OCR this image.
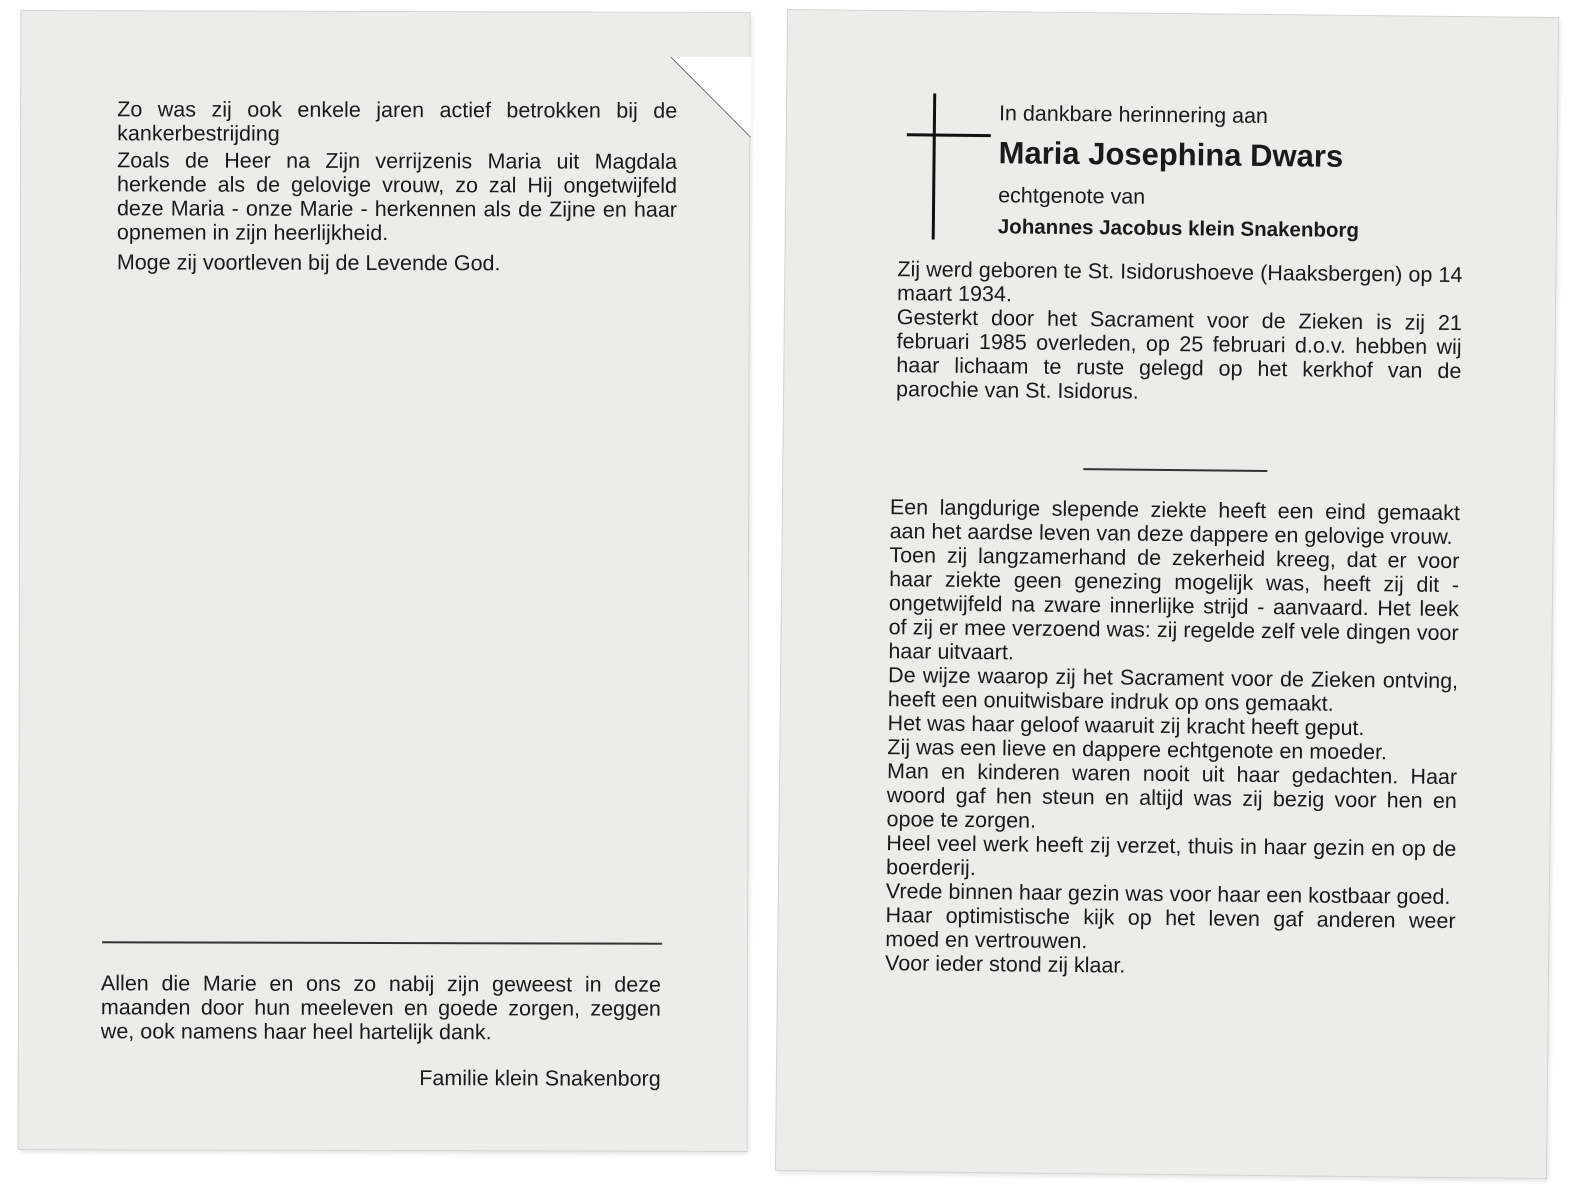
Zo was zij ook enkele jaren actief betrokken bij de kankerbestrijding

Zoals de Heer na Zijn verrijzenis Maria uit Magdala herkende als de gelovige vrouw, zo zal Hij ongetwijfeld deze Maria - onze Marie - herkennen als de Zijne en haar opnemen in zijn heerlijkheid.

Moge zij voortleven bij de Levende God.

Allen die Marie en ons zo nabij zijn geweest in deze maanden door hun meeleven en goede zorgen, zeggen we, ook namens haar heel hartelijk dank.

Familie klein Snakenborg
In dankbare herinnering aan
Maria Josephina Dwars
echtgenote van
Johannes Jacobus klein Snakenborg

Zij werd geboren te St. Isidorushoeve (Haaksbergen) op 14 maart 1934.

Gesterkt door het Sacrament voor de Zieken is zij 21 februari 1985 overleden, op 25 februari d.o.v. hebben wij haar lichaam te ruste gelegd op het kerkhof van de parochie van St. Isidorus.

Een langdurige slepende ziekte heeft een eind gemaakt aan het aardse leven van deze dappere en gelovige vrouw.

Toen zij langzamerhand de zekerheid kreeg, dat er voor haar ziekte geen genezing mogelijk was, heeft zij dit - ongetwijfeld na zware innerlijke strijd - aanvaard. Het leek of zij er mee verzoend was: zij regelde zelf vele dingen voor haar uitvaart.

De wijze waarop zij het Sacrament voor de Zieken ontving, heeft een onuitwisbare indruk op ons gemaakt.

Het was haar geloof waaruit zij kracht heeft geput.

Zij was een lieve en dappere echtgenote en moeder.

Man en kinderen waren nooit uit haar gedachten. Haar woord gaf hen steun en altijd was zij bezig voor hen en opoe te zorgen.

Heel veel werk heeft zij verzet, thuis in haar gezin en op de boerderij.

Vrede binnen haar gezin was voor haar een kostbaar goed.

Haar optimistische kijk op het leven gaf anderen weer moed en vertrouwen.

Voor ieder stond zij klaar.
